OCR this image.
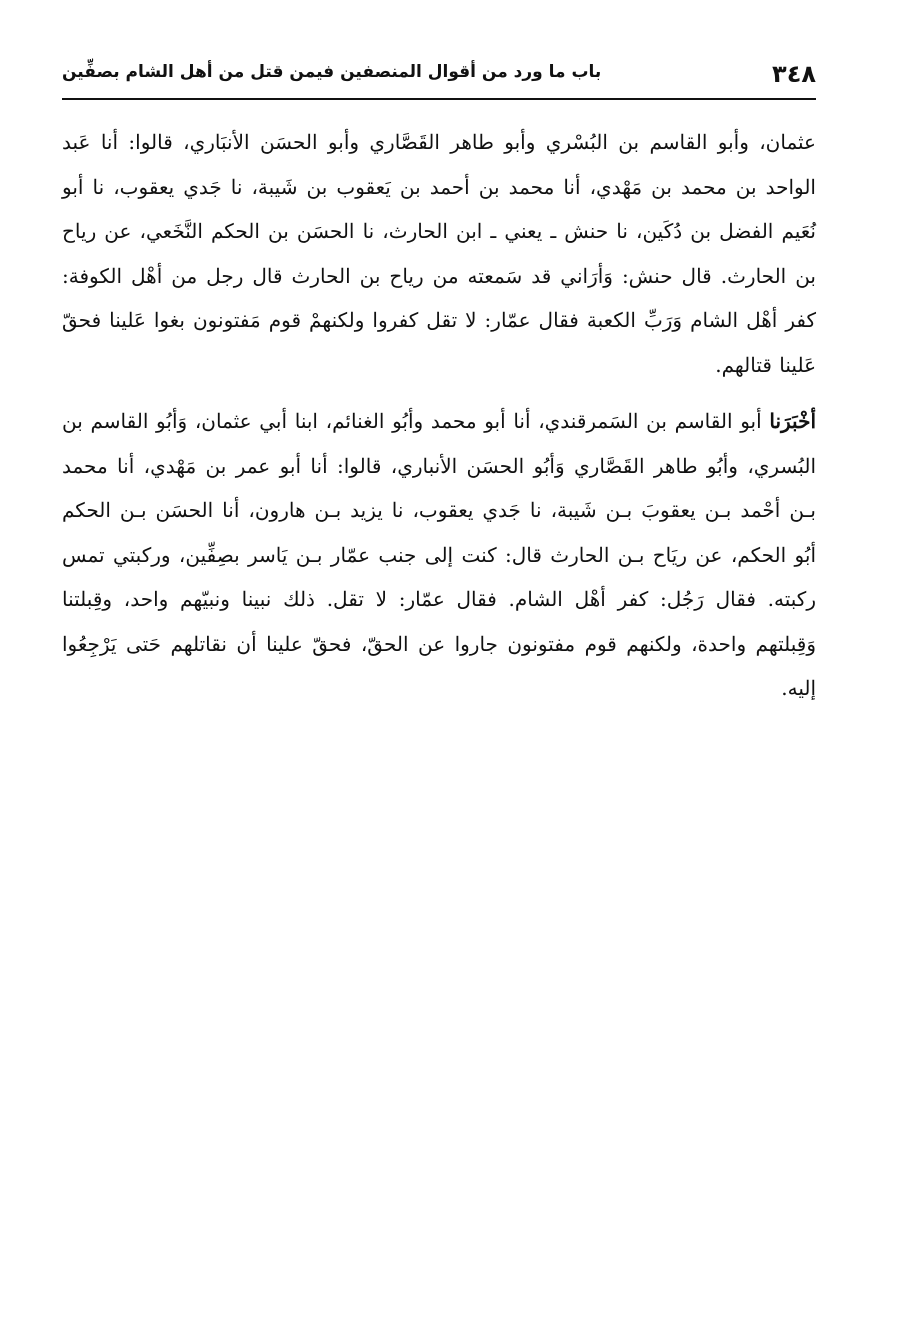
٣٤٨
باب ما ورد من أقوال المنصفين فيمن قتل من أهل الشام بصفِّين

عثمان، وأبو القاسم بن البُسْري وأبو طاهر القَصَّاري وأبو الحسَن الأنبَاري، قالوا: أنا عَبد الواحد بن محمد بن مَهْدي، أنا محمد بن أحمد بن يَعقوب بن شَيبة، نا جَدي يعقوب، نا أبو نُعَيم الفضل بن دُكَين، نا حنش ـ يعني ـ ابن الحارث، نا الحسَن بن الحكم النَّخَعي، عن رياح بن الحارث. قال حنش: وَأرَاني قد سَمعته من رياح بن الحارث قال رجل من أهْل الكوفة: كفر أهْل الشام وَرَبِّ الكعبة فقال عمّار: لا تقل كفروا ولكنهمْ قوم مَفتونون بغوا عَلينا فحقّ عَلينا قتالهم.

أخْبَرَنا أبو القاسم بن السَمرقندي، أنا أبو محمد وأبُو الغنائم، ابنا أبي عثمان، وَأبُو القاسم بن البُسري، وأبُو طاهر القَصَّاري وَأبُو الحسَن الأنباري، قالوا: أنا أبو عمر بن مَهْدي، أنا محمد بـن أحْمد بـن يعقوبَ بـن شَيبة، نا جَدي يعقوب، نا يزيد بـن هارون، أنا الحسَن بـن الحكم أبُو الحكم، عن ريَاح بـن الحارث قال: كنت إلى جنب عمّار بـن يَاسر بصِفِّين، وركبتي تمس ركبته. فقال رَجُل: كفر أهْل الشام. فقال عمّار: لا تقل. ذلك نبينا ونبيّهم واحد، وقِبلتنا وَقِبلتهم واحدة، ولكنهم قوم مفتونون جاروا عن الحقّ، فحقّ علينا أن نقاتلهم حَتى يَرْجِعُوا إليه.
